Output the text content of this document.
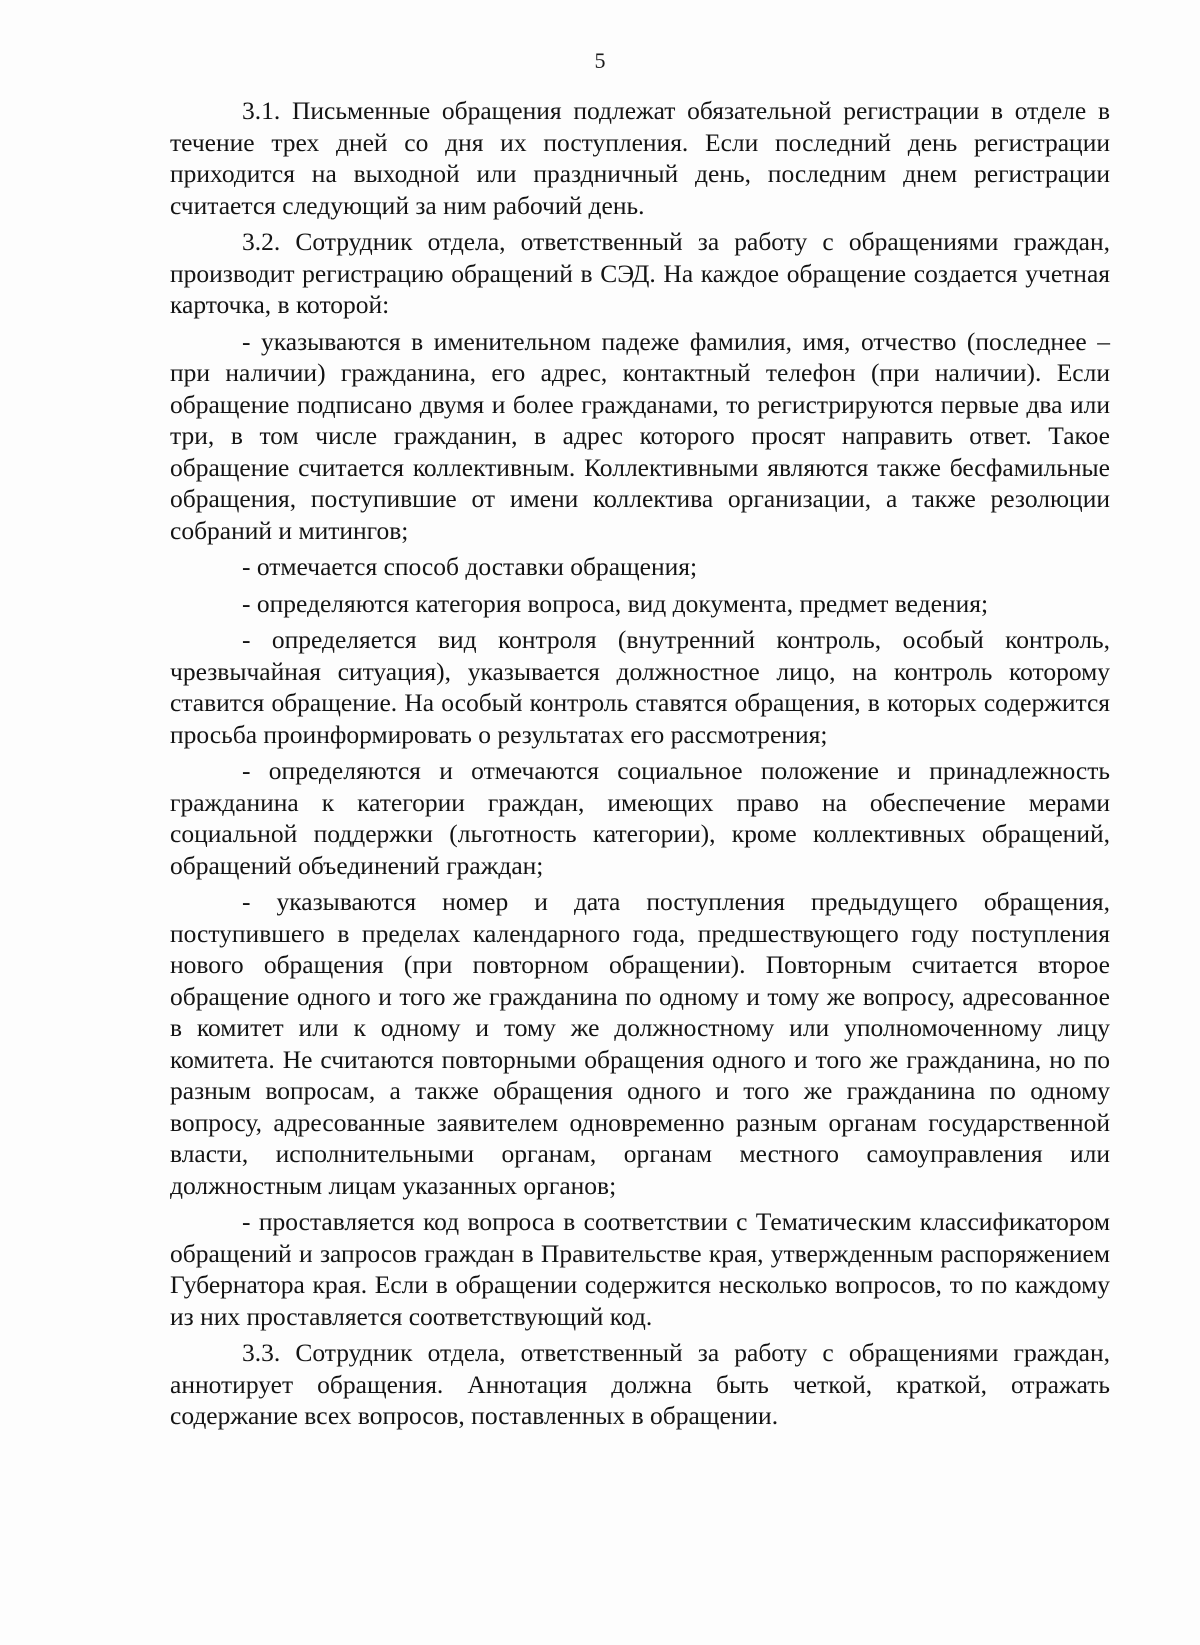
5

3.1. Письменные обращения подлежат обязательной регистрации в отделе в течение трех дней со дня их поступления. Если последний день регистрации приходится на выходной или праздничный день, последним днем регистрации считается следующий за ним рабочий день.

3.2. Сотрудник отдела, ответственный за работу с обращениями граждан, производит регистрацию обращений в СЭД. На каждое обращение создается учетная карточка, в которой:

- указываются в именительном падеже фамилия, имя, отчество (последнее – при наличии) гражданина, его адрес, контактный телефон (при наличии). Если обращение подписано двумя и более гражданами, то регистрируются первые два или три, в том числе гражданин, в адрес которого просят направить ответ. Такое обращение считается коллективным. Коллективными являются также бесфамильные обращения, поступившие от имени коллектива организации, а также резолюции собраний и митингов;

- отмечается способ доставки обращения;

- определяются категория вопроса, вид документа, предмет ведения;

- определяется вид контроля (внутренний контроль, особый контроль, чрезвычайная ситуация), указывается должностное лицо, на контроль которому ставится обращение. На особый контроль ставятся обращения, в которых содержится просьба проинформировать о результатах его рассмотрения;

- определяются и отмечаются социальное положение и принадлежность гражданина к категории граждан, имеющих право на обеспечение мерами социальной поддержки (льготность категории), кроме коллективных обращений, обращений объединений граждан;

- указываются номер и дата поступления предыдущего обращения, поступившего в пределах календарного года, предшествующего году поступления нового обращения (при повторном обращении). Повторным считается второе обращение одного и того же гражданина по одному и тому же вопросу, адресованное в комитет или к одному и тому же должностному или уполномоченному лицу комитета. Не считаются повторными обращения одного и того же гражданина, но по разным вопросам, а также обращения одного и того же гражданина по одному вопросу, адресованные заявителем одновременно разным органам государственной власти, исполнительными органам, органам местного самоуправления или должностным лицам указанных органов;

- проставляется код вопроса в соответствии с Тематическим классификатором обращений и запросов граждан в Правительстве края, утвержденным распоряжением Губернатора края. Если в обращении содержится несколько вопросов, то по каждому из них проставляется соответствующий код.

3.3. Сотрудник отдела, ответственный за работу с обращениями граждан, аннотирует обращения. Аннотация должна быть четкой, краткой, отражать содержание всех вопросов, поставленных в обращении.
